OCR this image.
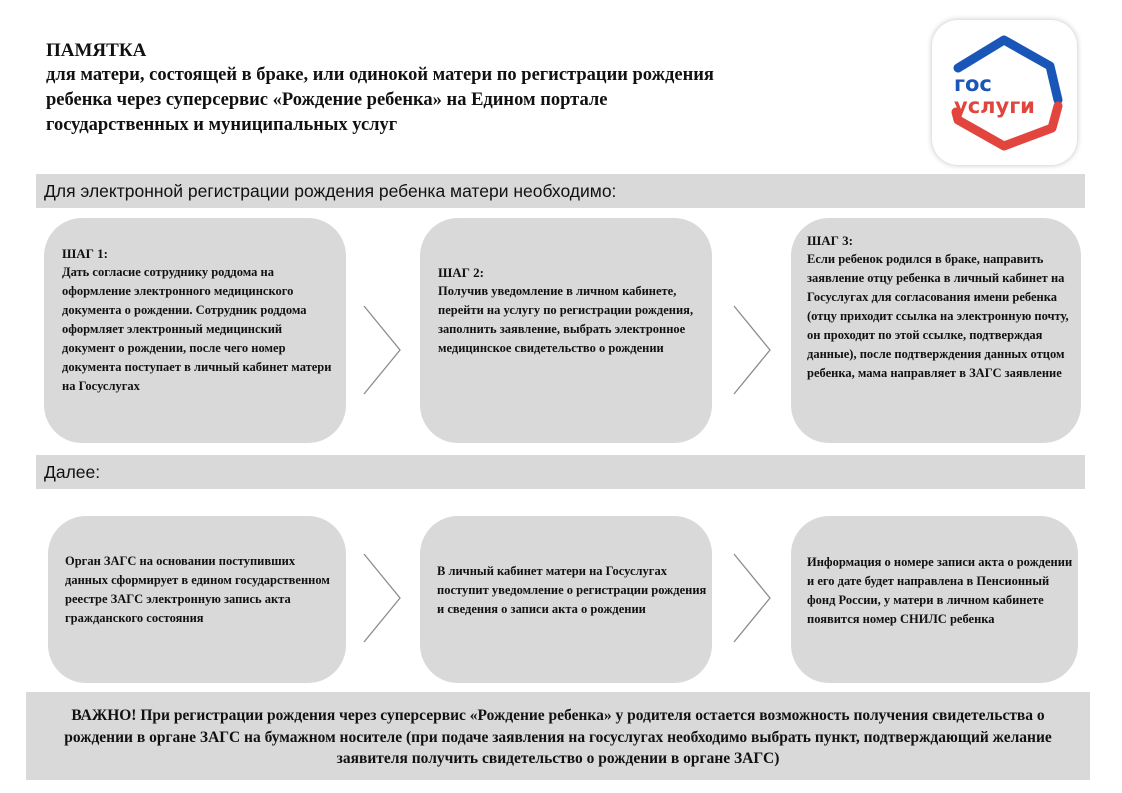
ПАМЯТКА
для матери, состоящей в браке, или одинокой матери по регистрации рождения
ребенка через суперсервис «Рождение ребенка» на Едином портале
государственных и муниципальных услуг
гос
услуги
Для электронной регистрации рождения ребенка матери необходимо:
ШАГ 1:
Дать согласие сотруднику роддома на оформление электронного медицинского документа о рождении. Сотрудник роддома оформляет электронный медицинский документ о рождении, после чего номер документа поступает в личный кабинет матери на Госуслугах
ШАГ 2:
Получив уведомление в личном кабинете, перейти на услугу по регистрации рождения, заполнить заявление, выбрать электронное медицинское свидетельство о рождении
ШАГ 3:
Если ребенок родился в браке, направить заявление отцу ребенка в личный кабинет на Госуслугах для согласования имени ребенка (отцу приходит ссылка на электронную почту, он проходит по этой ссылке, подтверждая данные), после подтверждения данных отцом ребенка, мама направляет в ЗАГС заявление
Далее:
Орган ЗАГС на основании поступивших данных сформирует в едином государственном реестре ЗАГС электронную запись акта гражданского состояния
В личный кабинет матери на Госуслугах поступит уведомление о регистрации рождения и сведения о записи акта о рождении
Информация о номере записи акта о рождении и его дате будет направлена в Пенсионный фонд России, у матери в личном кабинете появится номер СНИЛС ребенка
ВАЖНО! При регистрации рождения через суперсервис «Рождение ребенка» у родителя остается возможность получения свидетельства о рождении в органе ЗАГС на бумажном носителе (при подаче заявления на госуслугах необходимо выбрать пункт, подтверждающий желание заявителя получить свидетельство о рождении в органе ЗАГС)
